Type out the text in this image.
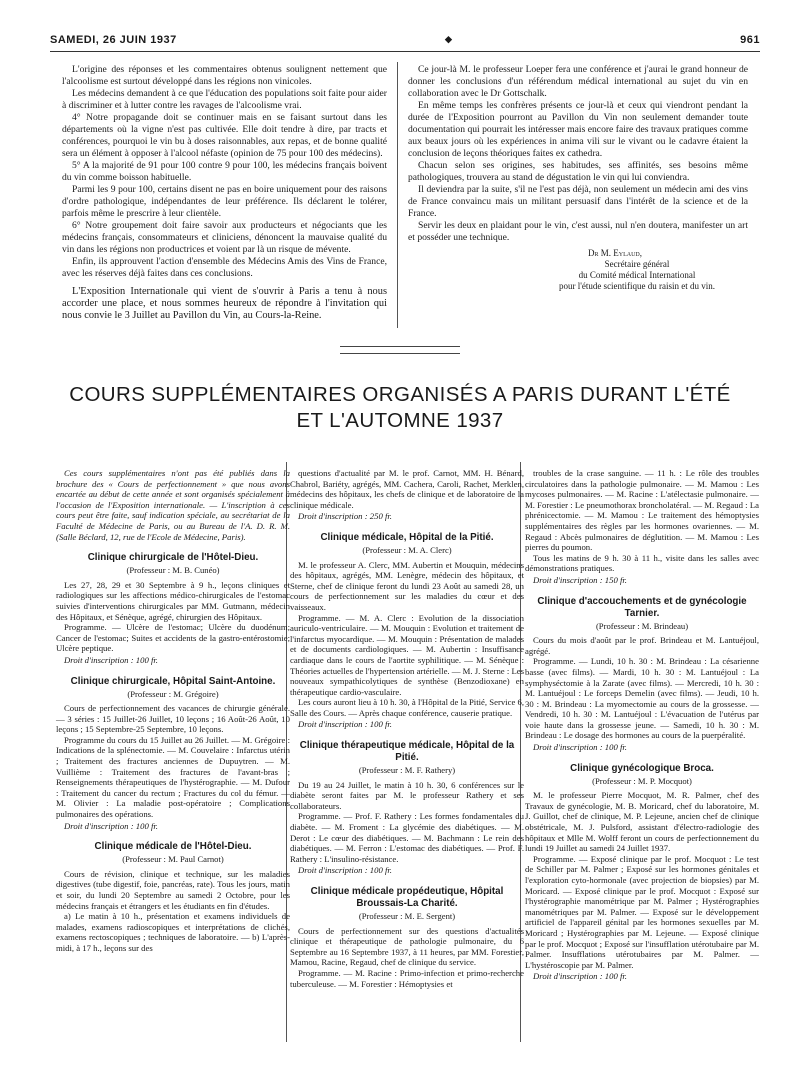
SAMEDI, 26 JUIN 1937	◆	961

L'origine des réponses et les commentaires obtenus soulignent nettement que l'alcoolisme est surtout développé dans les régions non vinicoles.

Les médecins demandent à ce que l'éducation des populations soit faite pour aider à discriminer et à lutter contre les ravages de l'alcoolisme vrai.

4° Notre propagande doit se continuer mais en se faisant surtout dans les départements où la vigne n'est pas cultivée. Elle doit tendre à dire, par tracts et conférences, pourquoi le vin bu à doses raisonnables, aux repas, et de bonne qualité sera un élément à opposer à l'alcool néfaste (opinion de 75 pour 100 des médecins).

5° A la majorité de 91 pour 100 contre 9 pour 100, les médecins français boivent du vin comme boisson habituelle.

Parmi les 9 pour 100, certains disent ne pas en boire uniquement pour des raisons d'ordre pathologique, indépendantes de leur préférence. Ils déclarent le tolérer, parfois même le prescrire à leur clientèle.

6° Notre groupement doit faire savoir aux producteurs et négociants que les médecins français, consommateurs et cliniciens, dénoncent la mauvaise qualité du vin dans les régions non productrices et voient par là un risque de mévente.

Enfin, ils approuvent l'action d'ensemble des Médecins Amis des Vins de France, avec les réserves déjà faites dans ces conclusions.

L'Exposition Internationale qui vient de s'ouvrir à Paris a tenu à nous accorder une place, et nous sommes heureux de répondre à l'invitation qui nous convie le 3 Juillet au Pavillon du Vin, au Cours-la-Reine.

Ce jour-là M. le professeur Loeper fera une conférence et j'aurai le grand honneur de donner les conclusions d'un référendum médical international au sujet du vin en collaboration avec le Dr Gottschalk.

En même temps les confrères présents ce jour-là et ceux qui viendront pendant la durée de l'Exposition pourront au Pavillon du Vin non seulement demander toute documentation qui pourrait les intéresser mais encore faire des travaux pratiques comme aux beaux jours où les expériences in anima vili sur le vivant ou le cadavre étaient la conclusion de leçons théoriques faites ex cathedra.

Chacun selon ses origines, ses habitudes, ses affinités, ses besoins même pathologiques, trouvera au stand de dégustation le vin qui lui conviendra.

Il deviendra par la suite, s'il ne l'est pas déjà, non seulement un médecin ami des vins de France convaincu mais un militant persuasif dans l'intérêt de la science et de la France.

Servir les deux en plaidant pour le vin, c'est aussi, nul n'en doutera, manifester un art et posséder une technique.

Dr M. Eylaud,
Secrétaire général
du Comité médical International
pour l'étude scientifique du raisin et du vin.
COURS SUPPLÉMENTAIRES ORGANISÉS A PARIS DURANT L'ÉTÉ
ET L'AUTOMNE 1937

Ces cours supplémentaires n'ont pas été publiés dans la brochure des « Cours de perfectionnement » que nous avons encartée au début de cette année et sont organisés spécialement à l'occasion de l'Exposition internationale. — L'inscription à ces cours peut être faite, sauf indication spéciale, au secrétariat de la Faculté de Médecine de Paris, ou au Bureau de l'A. D. R. M. (Salle Béclard, 12, rue de l'Ecole de Médecine, Paris).

Clinique chirurgicale de l'Hôtel-Dieu.
(Professeur : M. B. Cunéo)

Les 27, 28, 29 et 30 Septembre à 9 h., leçons cliniques et radiologiques sur les affections médico-chirurgicales de l'estomac suivies d'interventions chirurgicales par MM. Gutmann, médecin des Hôpitaux, et Sénèque, agrégé, chirurgien des Hôpitaux.

Programme. — Ulcère de l'estomac; Ulcère du duodénum; Cancer de l'estomac; Suites et accidents de la gastro-entérostomie; Ulcère peptique.

Droit d'inscription : 100 fr.

Clinique chirurgicale, Hôpital Saint-Antoine.
(Professeur : M. Grégoire)

Cours de perfectionnement des vacances de chirurgie générale. — 3 séries : 15 Juillet-26 Juillet, 10 leçons ; 16 Août-26 Août, 10 leçons ; 15 Septembre-25 Septembre, 10 leçons.

Programme du cours du 15 Juillet au 26 Juillet. — M. Grégoire : Indications de la splénectomie. — M. Couvelaire : Infarctus utérin ; Traitement des fractures anciennes de Dupuytren. — M. Vuillième : Traitement des fractures de l'avant-bras ; Renseignements thérapeutiques de l'hystérographie. — M. Dufour : Traitement du cancer du rectum ; Fractures du col du fémur. — M. Olivier : La maladie post-opératoire ; Complications pulmonaires des opérations.

Droit d'inscription : 100 fr.

Clinique médicale de l'Hôtel-Dieu.
(Professeur : M. Paul Carnot)

Cours de révision, clinique et technique, sur les maladies digestives (tube digestif, foie, pancréas, rate). Tous les jours, matin et soir, du lundi 20 Septembre au samedi 2 Octobre, pour les médecins français et étrangers et les étudiants en fin d'études.

a) Le matin à 10 h., présentation et examens individuels de malades, examens radioscopiques et interprétations de clichés, examens rectoscopiques ; techniques de laboratoire. — b) L'après-midi, à 17 h., leçons sur des

questions d'actualité par M. le prof. Carnot, MM. H. Bénard, Chabrol, Bariéty, agrégés, MM. Cachera, Caroli, Rachet, Merklen, médecins des hôpitaux, les chefs de clinique et de laboratoire de la clinique médicale.

Droit d'inscription : 250 fr.

Clinique médicale, Hôpital de la Pitié.
(Professeur : M. A. Clerc)

M. le professeur A. Clerc, MM. Aubertin et Mouquin, médecins des hôpitaux, agrégés, MM. Lenègre, médecin des hôpitaux, et Sterne, chef de clinique feront du lundi 23 Août au samedi 28, un cours de perfectionnement sur les maladies du cœur et des vaisseaux.

Programme. — M. A. Clerc : Evolution de la dissociation auriculo-ventriculaire. — M. Mouquin : Evolution et traitement de l'infarctus myocardique. — M. Mouquin : Présentation de malades et de documents cardiologiques. — M. Aubertin : Insuffisance cardiaque dans le cours de l'aortite syphilitique. — M. Sénèque : Théories actuelles de l'hypertension artérielle. — M. J. Sterne : Les nouveaux sympathicolytiques de synthèse (Benzodioxane) en thérapeutique cardio-vasculaire.

Les cours auront lieu à 10 h. 30, à l'Hôpital de la Pitié, Service 6, Salle des Cours. — Après chaque conférence, causerie pratique.

Droit d'inscription : 100 fr.

Clinique thérapeutique médicale, Hôpital de la Pitié.
(Professeur : M. F. Rathery)

Du 19 au 24 Juillet, le matin à 10 h. 30, 6 conférences sur le diabète seront faites par M. le professeur Rathery et ses collaborateurs.

Programme. — Prof. F. Rathery : Les formes fondamentales du diabète. — M. Froment : La glycémie des diabétiques. — M. Derot : Le cœur des diabétiques. — M. Bachmann : Le rein des diabétiques. — M. Ferron : L'estomac des diabétiques. — Prof. F. Rathery : L'insulino-résistance.

Droit d'inscription : 100 fr.

Clinique médicale propédeutique, Hôpital Broussais-La Charité.
(Professeur : M. E. Sergent)

Cours de perfectionnement sur des questions d'actualités clinique et thérapeutique de pathologie pulmonaire, du 6 Septembre au 16 Septembre 1937, à 11 heures, par MM. Forestier, Mamou, Racine, Regaud, chef de clinique du service.

Programme. — M. Racine : Primo-infection et primo-recherche tuberculeuse. — M. Forestier : Hémoptysies et

troubles de la crase sanguine. — 11 h. : Le rôle des troubles circulatoires dans la pathologie pulmonaire. — M. Mamou : Les mycoses pulmonaires. — M. Racine : L'atélectasie pulmonaire. — M. Forestier : Le pneumothorax broncholatéral. — M. Regaud : La phrénicectomie. — M. Mamou : Le traitement des hémoptysies supplémentaires des règles par les hormones ovariennes. — M. Regaud : Abcès pulmonaires de déglutition. — M. Mamou : Les pierres du poumon.

Tous les matins de 9 h. 30 à 11 h., visite dans les salles avec démonstrations pratiques.

Droit d'inscription : 150 fr.

Clinique d'accouchements et de gynécologie Tarnier.
(Professeur : M. Brindeau)

Cours du mois d'août par le prof. Brindeau et M. Lantuéjoul, agrégé.

Programme. — Lundi, 10 h. 30 : M. Brindeau : La césarienne basse (avec films). — Mardi, 10 h. 30 : M. Lantuéjoul : La symphyséctomie à la Zarate (avec films). — Mercredi, 10 h. 30 : M. Lantuéjoul : Le forceps Demelin (avec films). — Jeudi, 10 h. 30 : M. Brindeau : La myomectomie au cours de la grossesse. — Vendredi, 10 h. 30 : M. Lantuéjoul : L'évacuation de l'utérus par voie haute dans la grossesse jeune. — Samedi, 10 h. 30 : M. Brindeau : Le dosage des hormones au cours de la puerpéralité.

Droit d'inscription : 100 fr.

Clinique gynécologique Broca.
(Professeur : M. P. Mocquot)

M. le professeur Pierre Mocquot, M. R. Palmer, chef des Travaux de gynécologie, M. B. Moricard, chef du laboratoire, M. J. Guillot, chef de clinique, M. P. Lejeune, ancien chef de clinique obstétricale, M. J. Pulsford, assistant d'électro-radiologie des hôpitaux et Mlle M. Wolff feront un cours de perfectionnement du lundi 19 Juillet au samedi 24 Juillet 1937.

Programme. — Exposé clinique par le prof. Mocquot : Le test de Schiller par M. Palmer ; Exposé sur les hormones génitales et l'exploration cyto-hormonale (avec projection de biopsies) par M. Moricard. — Exposé clinique par le prof. Mocquot : Exposé sur l'hystérographie manométrique par M. Palmer ; Hystérographies manométriques par M. Palmer. — Exposé sur le développement artificiel de l'appareil génital par les hormones sexuelles par M. Moricard ; Hystérographies par M. Lejeune. — Exposé clinique par le prof. Mocquot ; Exposé sur l'insufflation utérotubaire par M. Palmer. Insufflations utérotubaires par M. Palmer. — L'hystéroscopie par M. Palmer.

Droit d'inscription : 100 fr.
